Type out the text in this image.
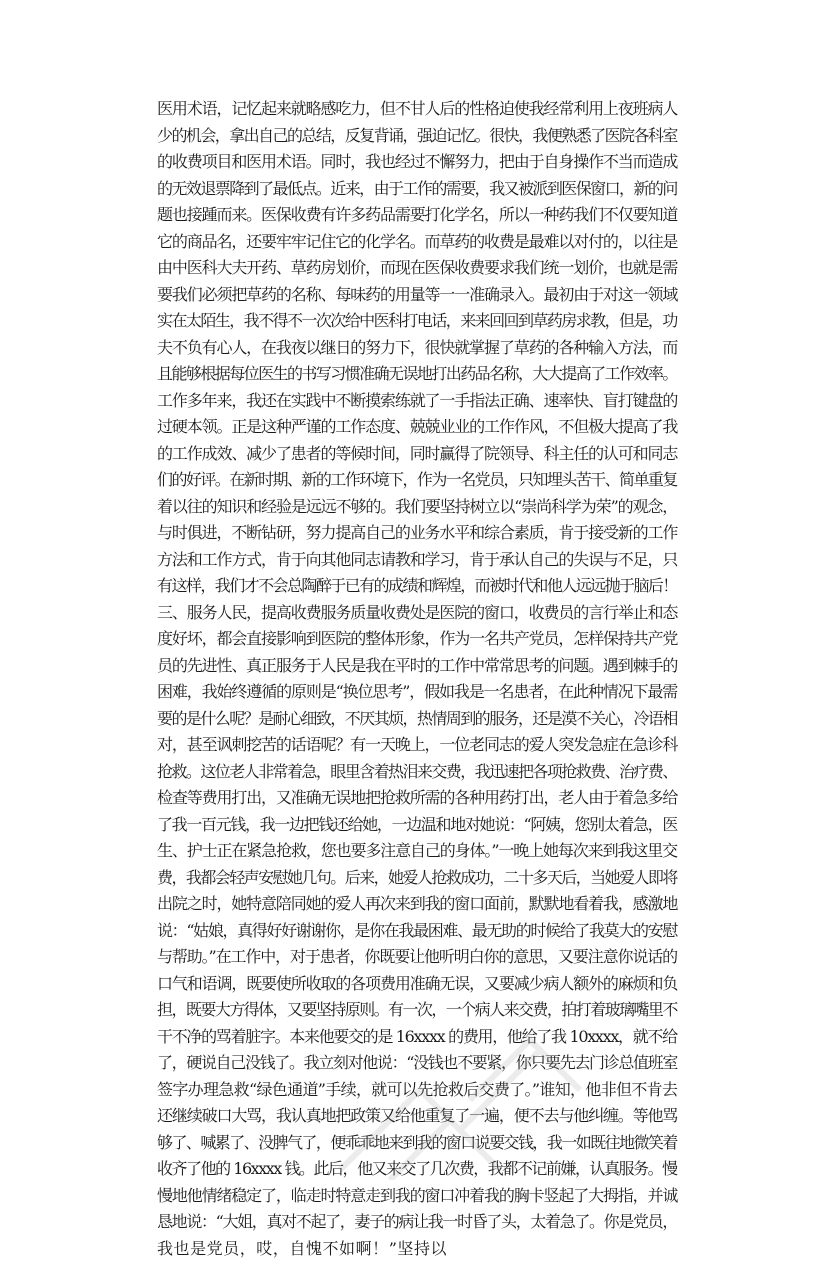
医用术语，记忆起来就略感吃力，但不甘人后的性格迫使我经常利用上夜班病人
少的机会，拿出自己的总结，反复背诵，强迫记忆。很快，我便熟悉了医院各科室
的收费项目和医用术语。同时，我也经过不懈努力，把由于自身操作不当而造成
的无效退票降到了最低点。近来，由于工作的需要，我又被派到医保窗口，新的问
题也接踵而来。医保收费有许多药品需要打化学名，所以一种药我们不仅要知道
它的商品名，还要牢牢记住它的化学名。而草药的收费是最难以对付的，以往是
由中医科大夫开药、草药房划价，而现在医保收费要求我们统一划价，也就是需
要我们必须把草药的名称、每味药的用量等一一准确录入。最初由于对这一领域
实在太陌生，我不得不一次次给中医科打电话，来来回回到草药房求教，但是，功
夫不负有心人，在我夜以继日的努力下，很快就掌握了草药的各种输入方法，而
且能够根据每位医生的书写习惯准确无误地打出药品名称，大大提高了工作效率。
工作多年来，我还在实践中不断摸索练就了一手指法正确、速率快、盲打键盘的
过硬本领。正是这种严谨的工作态度、兢兢业业的工作作风，不但极大提高了我
的工作成效、减少了患者的等候时间，同时赢得了院领导、科主任的认可和同志
们的好评。在新时期、新的工作环境下，作为一名党员，只知埋头苦干、简单重复
着以往的知识和经验是远远不够的。我们要坚持树立以“崇尚科学为荣”的观念，
与时俱进，不断钻研，努力提高自己的业务水平和综合素质，肯于接受新的工作
方法和工作方式，肯于向其他同志请教和学习，肯于承认自己的失误与不足，只
有这样，我们才不会总陶醉于已有的成绩和辉煌，而被时代和他人远远抛于脑后！
三、服务人民，提高收费服务质量收费处是医院的窗口，收费员的言行举止和态
度好坏，都会直接影响到医院的整体形象，作为一名共产党员，怎样保持共产党
员的先进性、真正服务于人民是我在平时的工作中常常思考的问题。遇到棘手的
困难，我始终遵循的原则是“换位思考”，假如我是一名患者，在此种情况下最需
要的是什么呢？是耐心细致，不厌其烦，热情周到的服务，还是漠不关心，冷语相
对，甚至讽刺挖苦的话语呢？有一天晚上，一位老同志的爱人突发急症在急诊科
抢救。这位老人非常着急，眼里含着热泪来交费，我迅速把各项抢救费、治疗费、
检查等费用打出，又准确无误地把抢救所需的各种用药打出，老人由于着急多给
了我一百元钱，我一边把钱还给她，一边温和地对她说：“阿姨，您别太着急，医
生、护士正在紧急抢救，您也要多注意自己的身体。”一晚上她每次来到我这里交
费，我都会轻声安慰她几句。后来，她爱人抢救成功，二十多天后，当她爱人即将
出院之时，她特意陪同她的爱人再次来到我的窗口面前，默默地看着我，感激地
说：“姑娘，真得好好谢谢你，是你在我最困难、最无助的时候给了我莫大的安慰
与帮助。”在工作中，对于患者，你既要让他听明白你的意思，又要注意你说话的
口气和语调，既要使所收取的各项费用准确无误，又要减少病人额外的麻烦和负
担，既要大方得体，又要坚持原则。有一次，一个病人来交费，拍打着玻璃嘴里不
干不净的骂着脏字。本来他要交的是 16xxxx 的费用，他给了我 10xxxx，就不给
了，硬说自己没钱了。我立刻对他说：“没钱也不要紧，你只要先去门诊总值班室
签字办理急救“绿色通道”手续，就可以先抢救后交费了。”谁知，他非但不肯去
还继续破口大骂，我认真地把政策又给他重复了一遍，便不去与他纠缠。等他骂
够了、喊累了、没脾气了，便乖乖地来到我的窗口说要交钱，我一如既往地微笑着
收齐了他的 16xxxx 钱。此后，他又来交了几次费，我都不记前嫌，认真服务。慢
慢地他情绪稳定了，临走时特意走到我的窗口冲着我的胸卡竖起了大拇指，并诚
恳地说：“大姐，真对不起了，妻子的病让我一时昏了头，太着急了。你是党员，
我也是党员，哎，自愧不如啊！”坚持以
